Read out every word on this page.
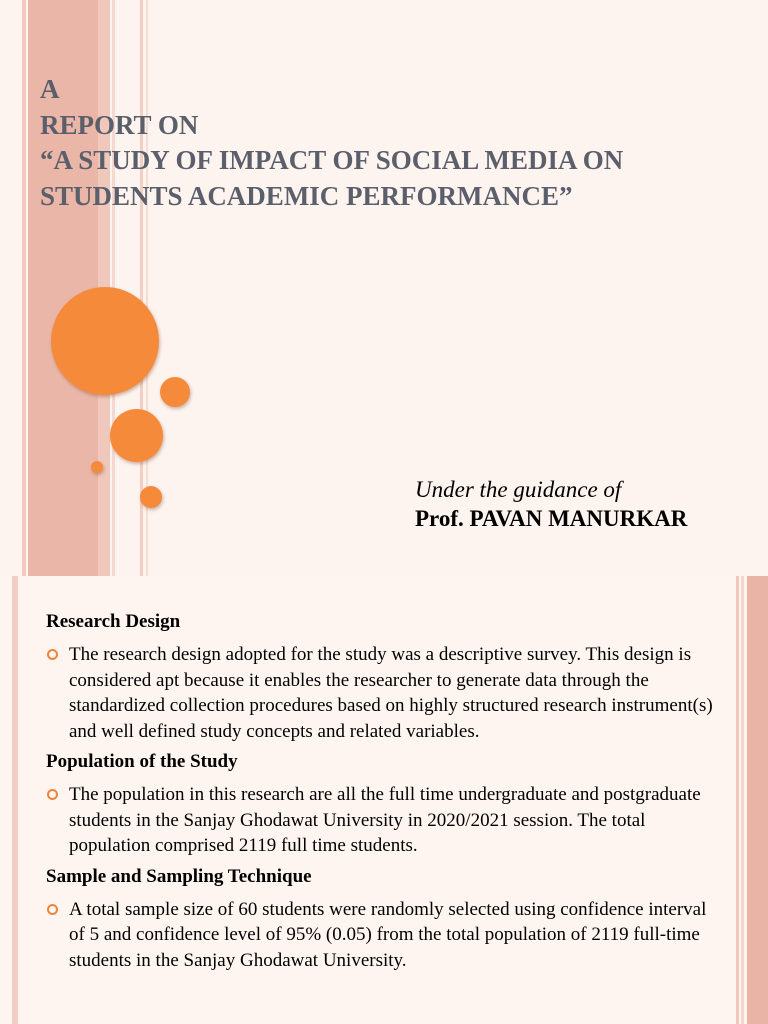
A
REPORT ON
“A STUDY OF IMPACT OF SOCIAL MEDIA ON
STUDENTS ACADEMIC PERFORMANCE”
Under the guidance of
Prof. PAVAN MANURKAR
Research Design
The research design adopted for the study was a descriptive survey. This design is considered apt because it enables the researcher to generate data through the standardized collection procedures based on highly structured research instrument(s) and well defined study concepts and related variables.
Population of the Study
The population in this research are all the full time undergraduate and postgraduate students in the Sanjay Ghodawat University in 2020/2021 session. The total population comprised 2119 full time students.
Sample and Sampling Technique
A total sample size of 60 students were randomly selected using confidence interval of 5 and confidence level of 95% (0.05) from the total population of 2119 full-time students in the Sanjay Ghodawat University.
